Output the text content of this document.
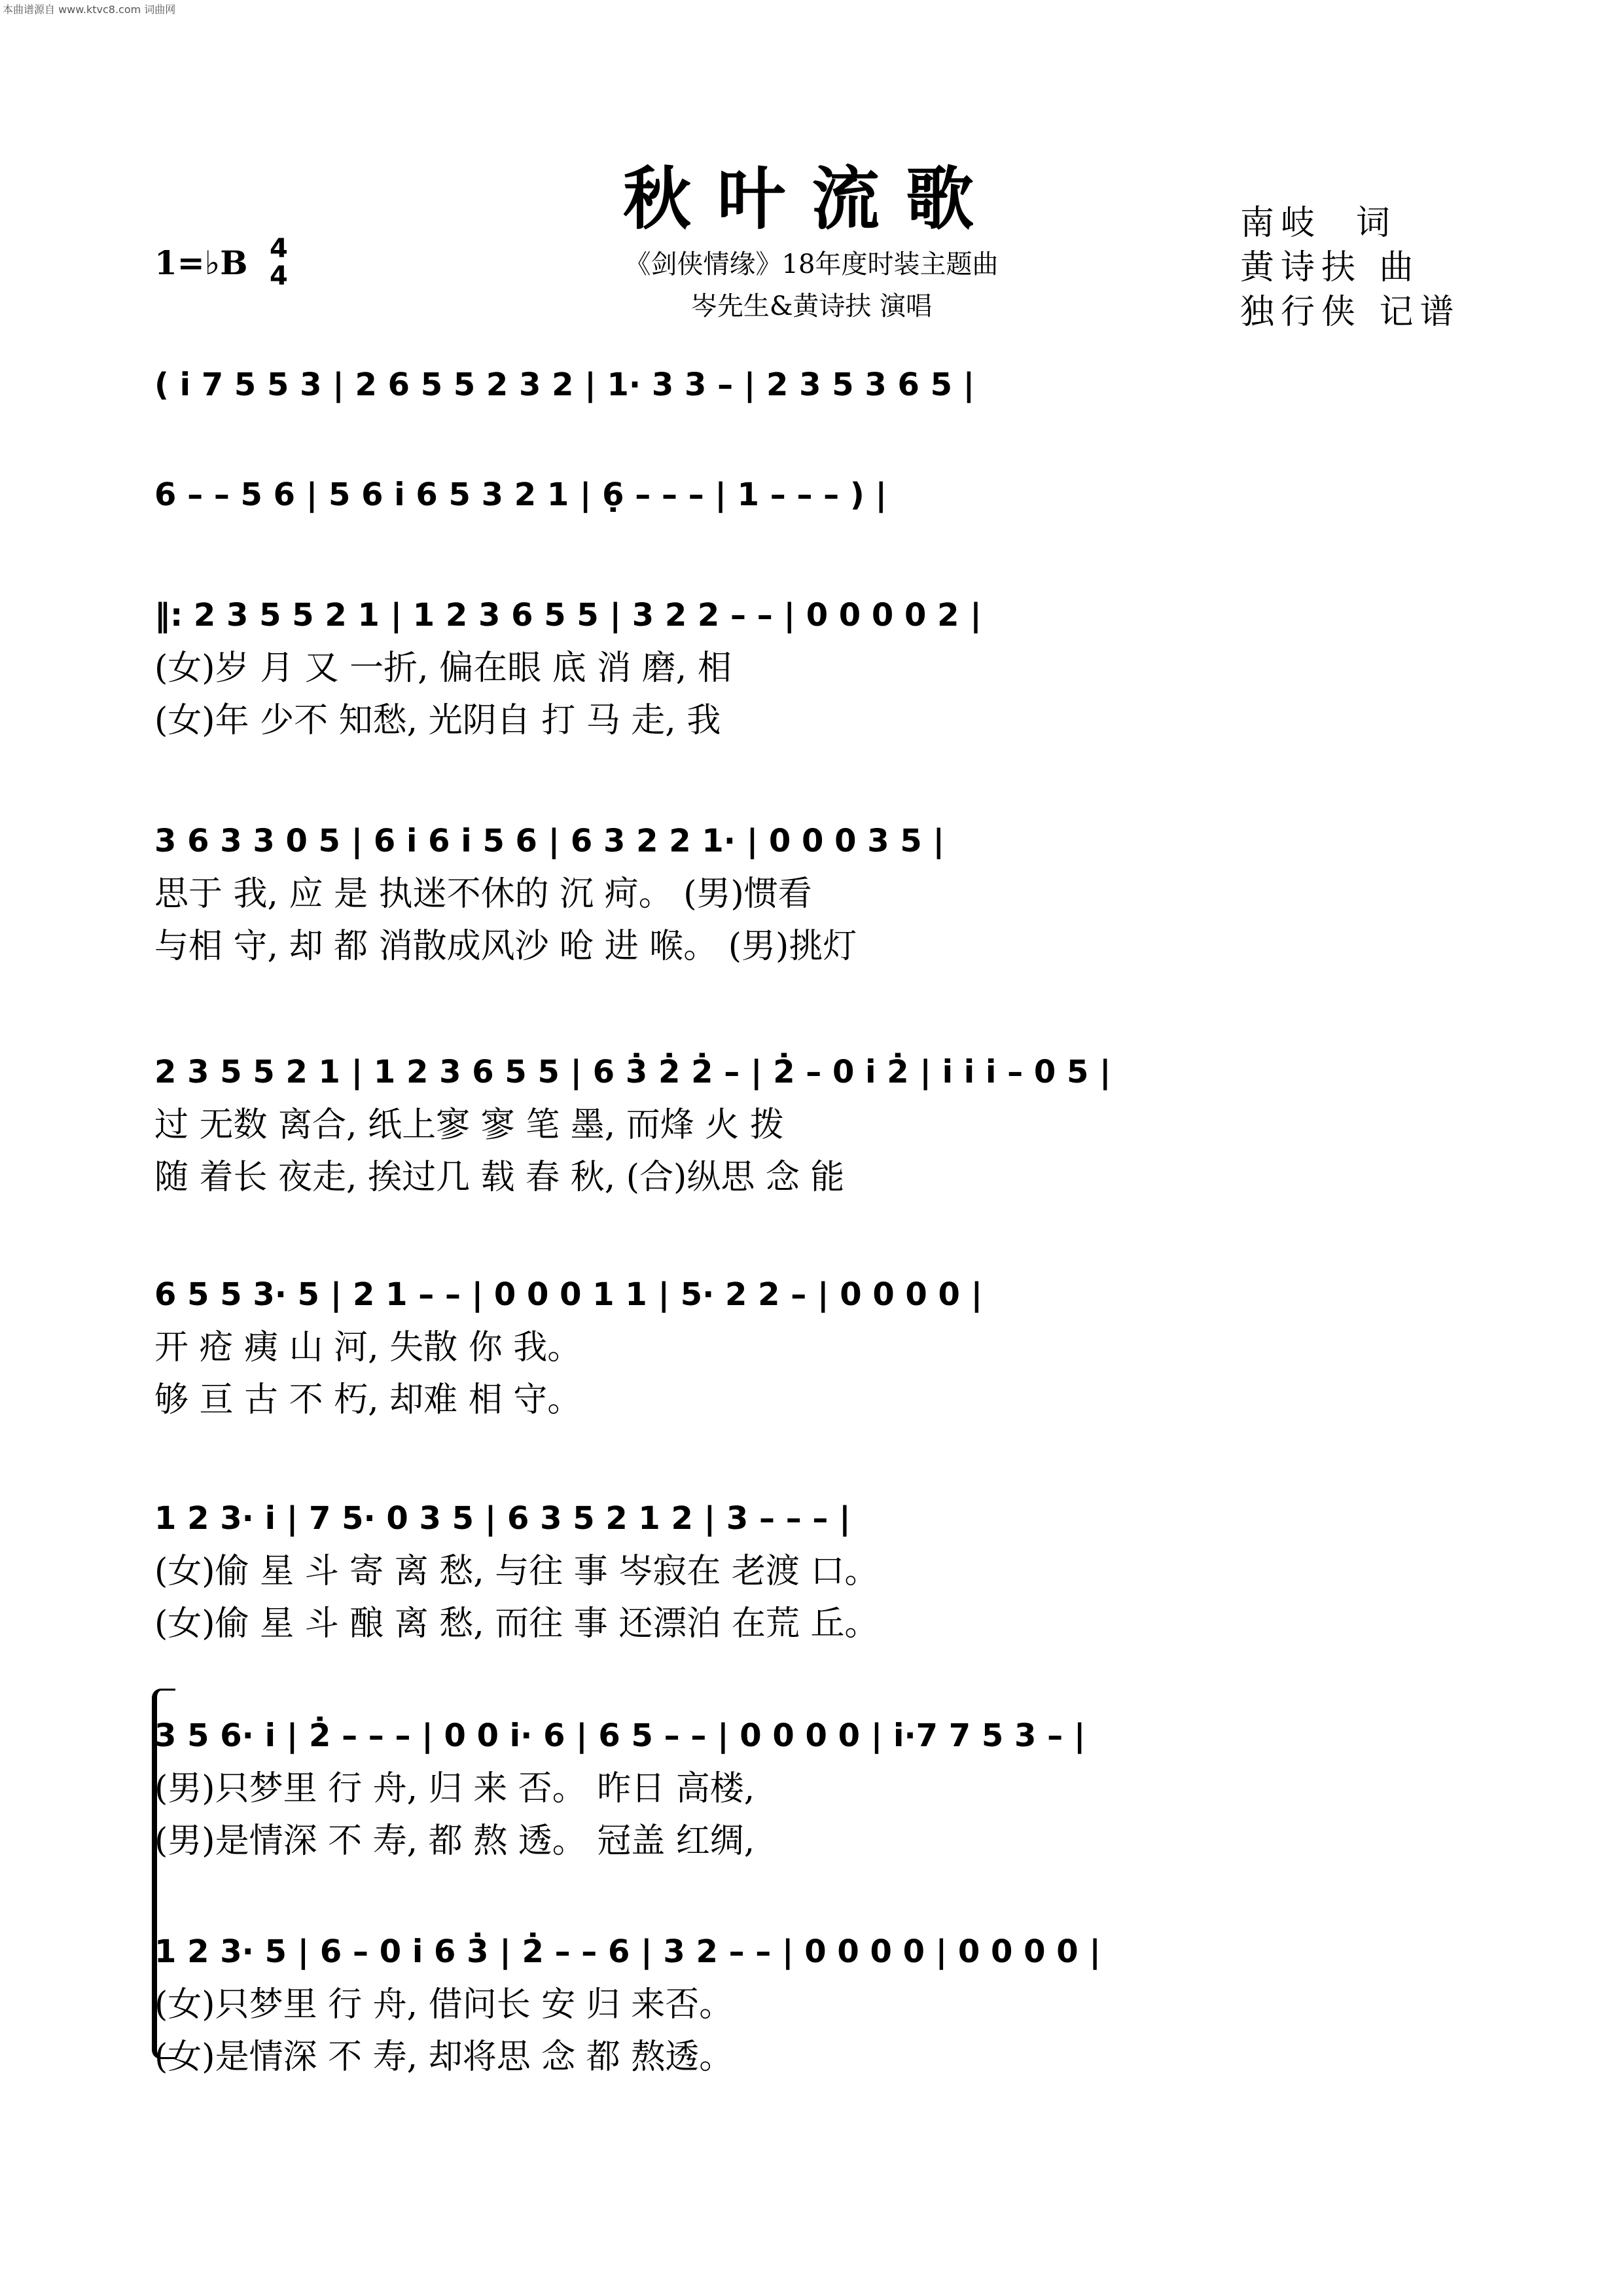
本曲谱源自 www.ktvc8.com 词曲网
秋叶流歌
《剑侠情缘》18年度时装主题曲
岑先生&黄诗扶 演唱
南岐  词
黄诗扶 曲
独行侠 记谱
1=♭B 4
4
( i̇ 7 5 5 3 | 2 6 5 5 2 3 2 | 1· 3 3 – | 2 3 5 3 6 5 |
6 – – 5 6 | 5 6 i̇ 6 5 3 2 1 | 6̣ – – – | 1 – – – ) |
‖: 2 3 5 5 2 1 | 1 2 3 6 5 5 | 3 2 2 – – | 0 0 0 0 2 |
(女)岁 月 又 一折, 偏在眼 底 消 磨, 相
(女)年 少不 知愁, 光阴自 打 马 走, 我
3 6 3 3 0 5 | 6 i̇ 6 i̇ 5 6 | 6 3 2 2 1· | 0 0 0 3 5 |
思于 我, 应 是 执迷不休的 沉 疴。 (男)惯看
与相 守, 却 都 消散成风沙 呛 进 喉。 (男)挑灯
2 3 5 5 2 1 | 1 2 3 6 5 5 | 6 3̇ 2̇ 2̇ – | 2̇ – 0 i̇ 2̇ | i̇ i̇ i̇ – 0 5 |
过 无数 离合, 纸上寥 寥 笔 墨, 而烽 火 拨
随 着长 夜走, 挨过几 载 春 秋, (合)纵思 念 能
6 5 5 3· 5 | 2 1 – – | 0 0 0 1 1 | 5· 2 2 – | 0 0 0 0 |
开 疮 痍 山 河, 失散 你 我。
够 亘 古 不 朽, 却难 相 守。
1 2 3· i̇ | 7 5· 0 3 5 | 6 3 5 2 1 2 | 3 – – – |
(女)偷 星 斗 寄 离 愁, 与往 事 岑寂在 老渡 口。
(女)偷 星 斗 酿 离 愁, 而往 事 还漂泊 在荒 丘。
3 5 6· i̇ | 2̇ – – – | 0 0 i̇· 6 | 6 5 – – | 0 0 0 0 | i̇·7 7 5 3 – |
(男)只梦里 行 舟, 归 来 否。 昨日 高楼,
(男)是情深 不 寿, 都 熬 透。 冠盖 红绸,
1 2 3· 5 | 6 – 0 i̇ 6 3̇ | 2̇ – – 6 | 3 2 – – | 0 0 0 0 | 0 0 0 0 |
(女)只梦里 行 舟, 借问长 安 归 来否。
(女)是情深 不 寿, 却将思 念 都 熬透。
